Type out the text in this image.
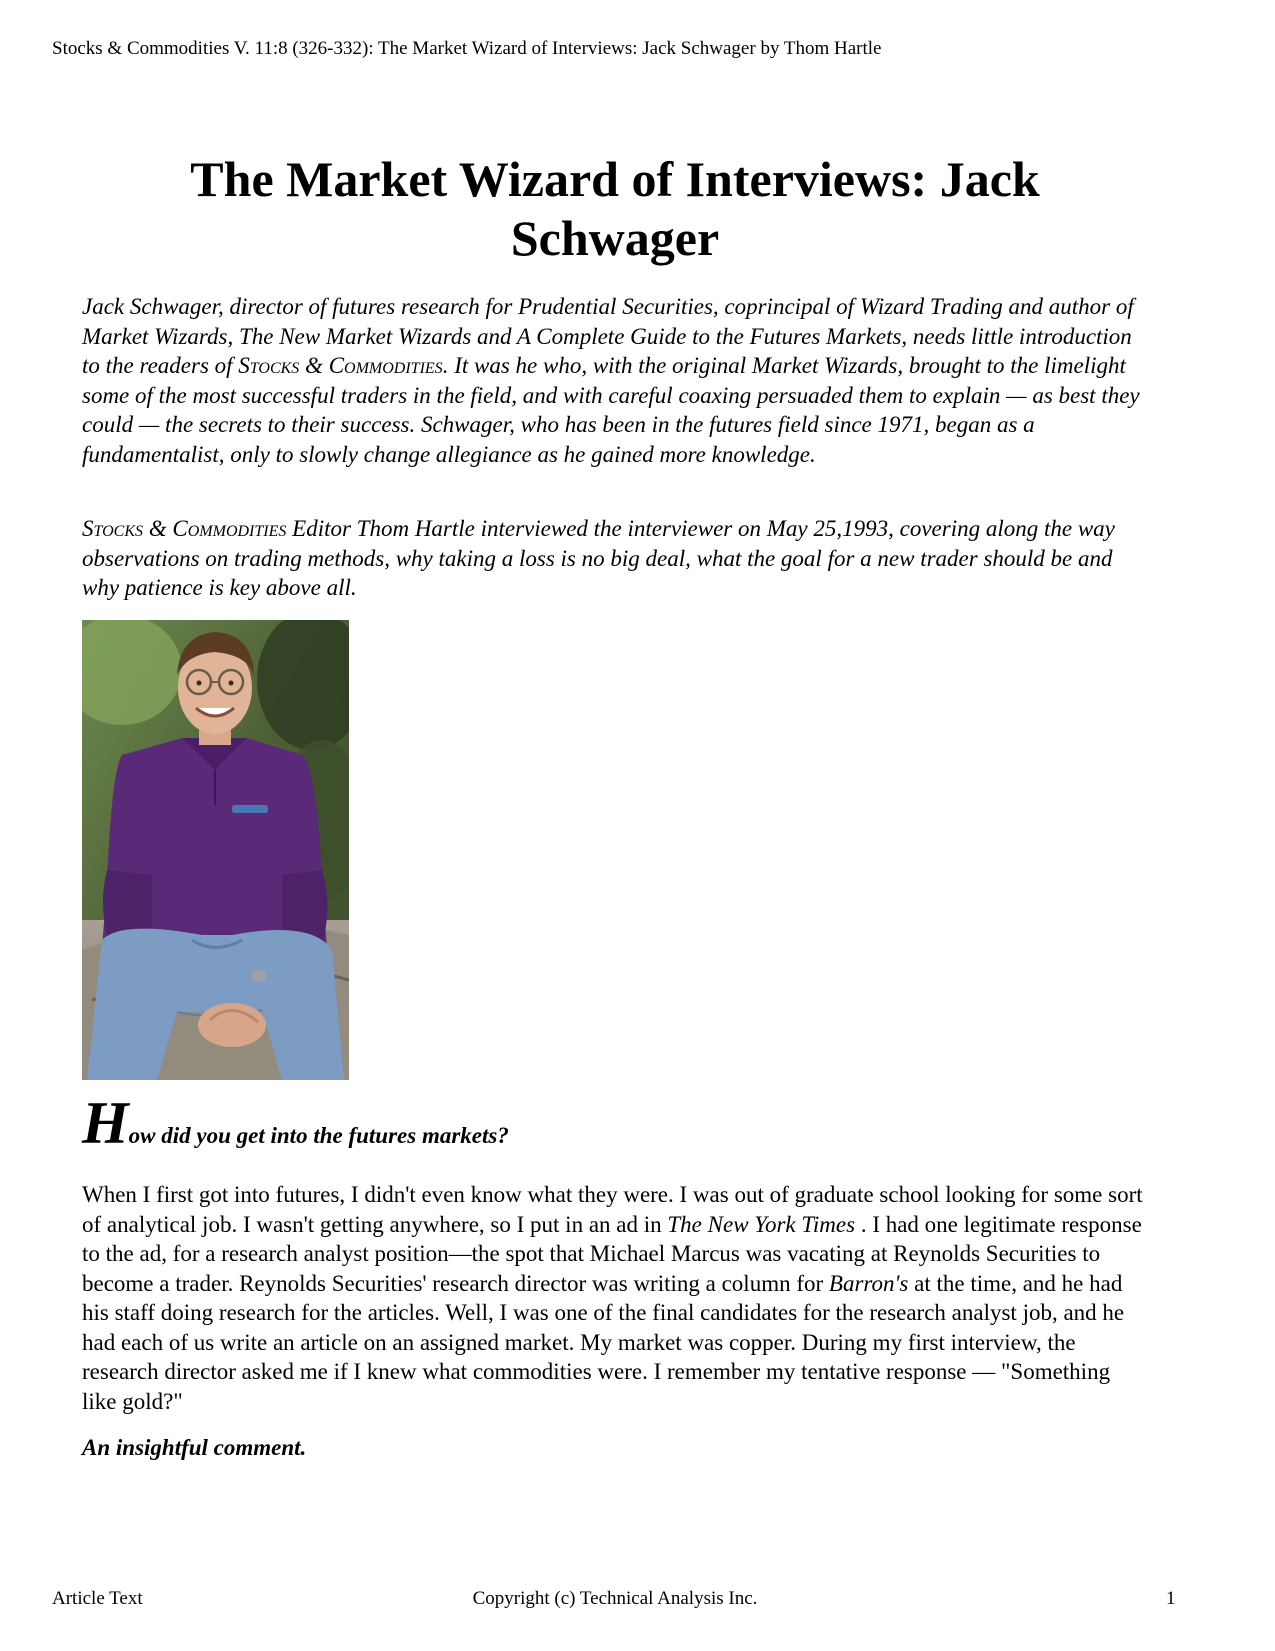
Stocks & Commodities V. 11:8 (326-332): The Market Wizard of Interviews: Jack Schwager by Thom Hartle
The Market Wizard of Interviews: Jack Schwager

Jack Schwager, director of futures research for Prudential Securities, coprincipal of Wizard Trading and author of Market Wizards, The New Market Wizards and A Complete Guide to the Futures Markets, needs little introduction to the readers of Stocks & Commodities. It was he who, with the original Market Wizards, brought to the limelight some of the most successful traders in the field, and with careful coaxing persuaded them to explain — as best they could — the secrets to their success. Schwager, who has been in the futures field since 1971, began as a fundamentalist, only to slowly change allegiance as he gained more knowledge.

Stocks & Commodities Editor Thom Hartle interviewed the interviewer on May 25,1993, covering along the way observations on trading methods, why taking a loss is no big deal, what the goal for a new trader should be and why patience is key above all.

How did you get into the futures markets?

When I first got into futures, I didn't even know what they were. I was out of graduate school looking for some sort of analytical job. I wasn't getting anywhere, so I put in an ad in The New York Times . I had one legitimate response to the ad, for a research analyst position—the spot that Michael Marcus was vacating at Reynolds Securities to become a trader. Reynolds Securities' research director was writing a column for Barron's at the time, and he had his staff doing research for the articles. Well, I was one of the final candidates for the research analyst job, and he had each of us write an article on an assigned market. My market was copper. During my first interview, the research director asked me if I knew what commodities were. I remember my tentative response — "Something like gold?"

An insightful comment.

Article Text	Copyright (c) Technical Analysis Inc.	1
